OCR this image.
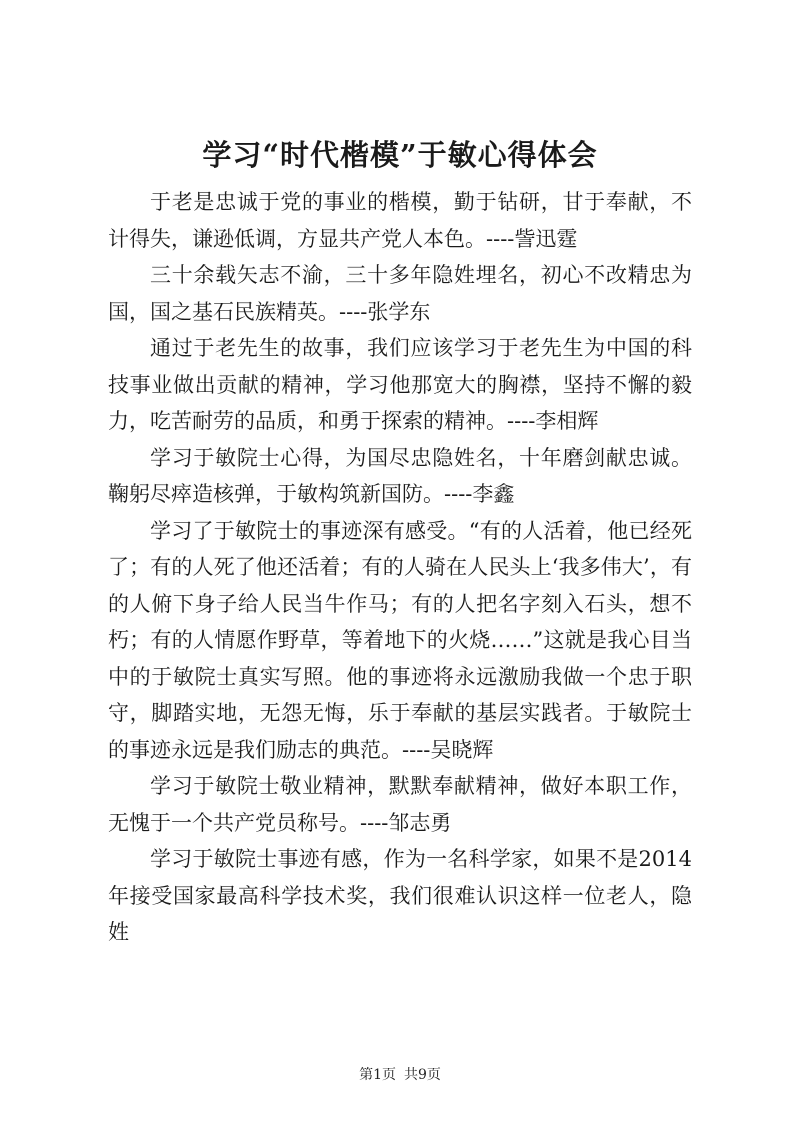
学习“时代楷模”于敏心得体会

于老是忠诚于党的事业的楷模，勤于钻研，甘于奉献，不计得失，谦逊低调，方显共产党人本色。----訾迅霆

三十余载矢志不渝，三十多年隐姓埋名，初心不改精忠为国，国之基石民族精英。----张学东

通过于老先生的故事，我们应该学习于老先生为中国的科技事业做出贡献的精神，学习他那宽大的胸襟，坚持不懈的毅力，吃苦耐劳的品质，和勇于探索的精神。----李相辉

学习于敏院士心得，为国尽忠隐姓名，十年磨剑献忠诚。鞠躬尽瘁造核弹，于敏构筑新国防。----李鑫

学习了于敏院士的事迹深有感受。“有的人活着，他已经死了；有的人死了他还活着；有的人骑在人民头上‘我多伟大’，有的人俯下身子给人民当牛作马；有的人把名字刻入石头，想不朽；有的人情愿作野草，等着地下的火烧……”这就是我心目当中的于敏院士真实写照。他的事迹将永远激励我做一个忠于职守，脚踏实地，无怨无悔，乐于奉献的基层实践者。于敏院士的事迹永远是我们励志的典范。----吴晓辉

学习于敏院士敬业精神，默默奉献精神，做好本职工作，无愧于一个共产党员称号。----邹志勇

学习于敏院士事迹有感，作为一名科学家，如果不是2014年接受国家最高科学技术奖，我们很难认识这样一位老人，隐姓

第1页 共9页
